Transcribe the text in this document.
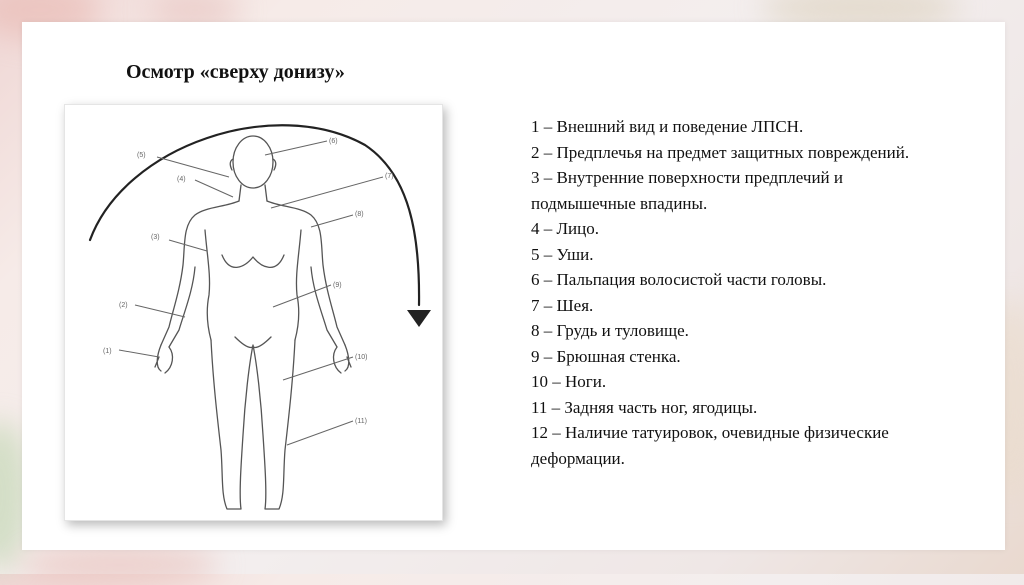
Осмотр «сверху донизу»
(5)
(4)
(6)
(7)
(8)
(3)
(9)
(2)
(1)
(10)
(11)
1 – Внешний вид и поведение ЛПСН.
2 – Предплечья на предмет защитных повреждений.
3 – Внутренние поверхности предплечий и подмышечные впадины.
4 – Лицо.
5 – Уши.
6 – Пальпация волосистой части головы.
7 – Шея.
8 – Грудь и туловище.
9 – Брюшная стенка.
10 – Ноги.
11 – Задняя часть ног, ягодицы.
12 – Наличие татуировок, очевидные физические деформации.
